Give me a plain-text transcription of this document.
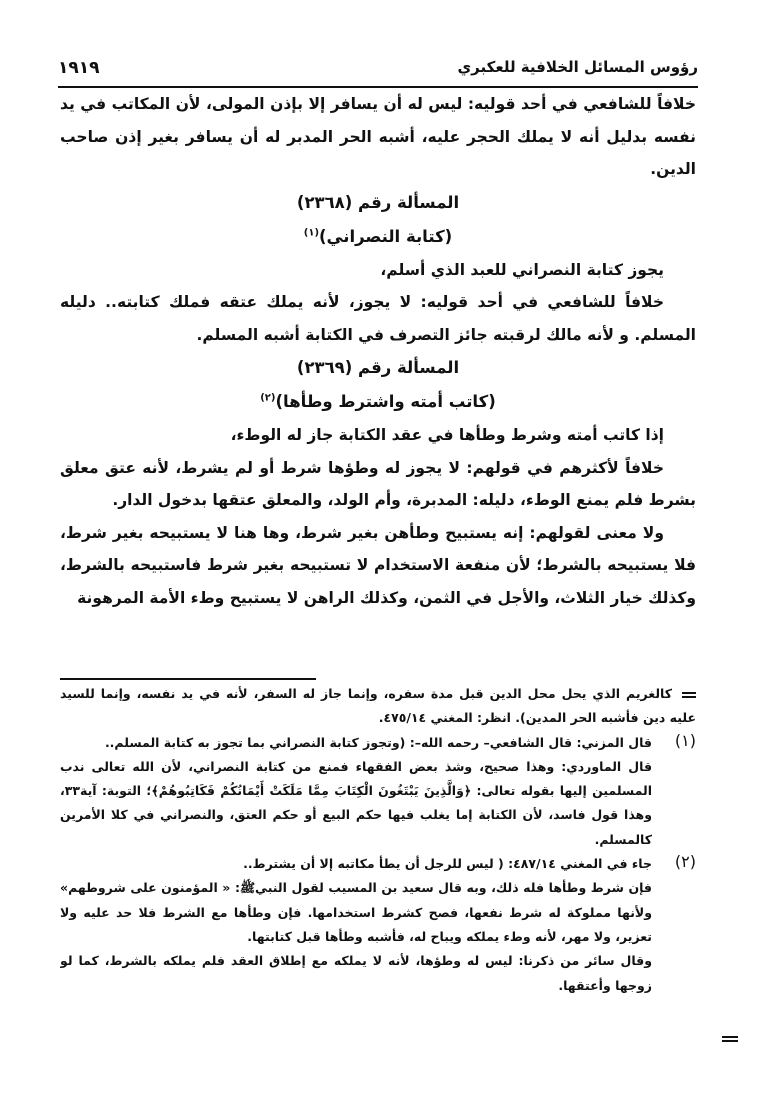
رؤوس المسائل الخلافية للعكبري
١٩١٩

خلافاً للشافعي في أحد قوليه: ليس له أن يسافر إلا بإذن المولى، لأن المكاتب في يد نفسه بدليل أنه لا يملك الحجر عليه، أشبه الحر المدبر له أن يسافر بغير إذن صاحب الدين.

المسألة رقم (٢٣٦٨)

(كتابة النصراني)$^{(١)}$

يجوز كتابة النصراني للعبد الذي أسلم،

خلافاً للشافعي في أحد قوليه: لا يجوز، لأنه يملك عتقه فملك كتابته.. دليله المسلم. و لأنه مالك لرقبته جائز التصرف في الكتابة أشبه المسلم.

المسألة رقم (٢٣٦٩)

(كاتب أمته واشترط وطأها)$^{(٢)}$

إذا كاتب أمته وشرط وطأها في عقد الكتابة جاز له الوطء،

خلافاً لأكثرهم في قولهم: لا يجوز له وطؤها شرط أو لم يشرط، لأنه عتق معلق بشرط فلم يمنع الوطء، دليله: المدبرة، وأم الولد، والمعلق عتقها بدخول الدار.

ولا معنى لقولهم: إنه يستبيح وطأهن بغير شرط، وها هنا لا يستبيحه بغير شرط، فلا يستبيحه بالشرط؛ لأن منفعة الاستخدام لا تستبيحه بغير شرط فاستبيحه بالشرط، وكذلك خيار الثلاث، والأجل في الثمن، وكذلك الراهن لا يستبيح وطء الأمة المرهونة

كالغريم الذي يحل محل الدين قبل مدة سفره، وإنما جاز له السفر، لأنه في يد نفسه، وإنما للسيد عليه دين فأشبه الحر المدين). انظر: المغني ٤٧٥/١٤.

(١)

قال المزني: قال الشافعي– رحمه الله–: (وتجوز كتابة النصراني بما تجوز به كتابة المسلم..

قال الماوردي: وهذا صحيح، وشذ بعض الفقهاء فمنع من كتابة النصراني، لأن الله تعالى ندب المسلمين إليها بقوله تعالى: ﴿وَالَّذِينَ يَبْتَغُونَ الْكِتَابَ مِمَّا مَلَكَتْ أَيْمَانُكُمْ فَكَاتِبُوهُمْ﴾؛ التوبة: آية٣٣، وهذا قول فاسد، لأن الكتابة إما يغلب فيها حكم البيع أو حكم العتق، والنصراني في كلا الأمرين كالمسلم.

(٢)

جاء في المغني ٤٨٧/١٤: ( ليس للرجل أن يطأ مكاتبه إلا أن يشترط..

فإن شرط وطأها فله ذلك، وبه قال سعيد بن المسيب لقول النبيﷺ: « المؤمنون على شروطهم» ولأنها مملوكة له شرط نفعها، فصح كشرط استخدامها. فإن وطأها مع الشرط فلا حد عليه ولا تعزير، ولا مهر، لأنه وطء يملكه ويباح له، فأشبه وطأها قبل كتابتها.

وقال سائر من ذكرنا: ليس له وطؤها، لأنه لا يملكه مع إطلاق العقد فلم يملكه بالشرط، كما لو زوجها وأعتقها.
